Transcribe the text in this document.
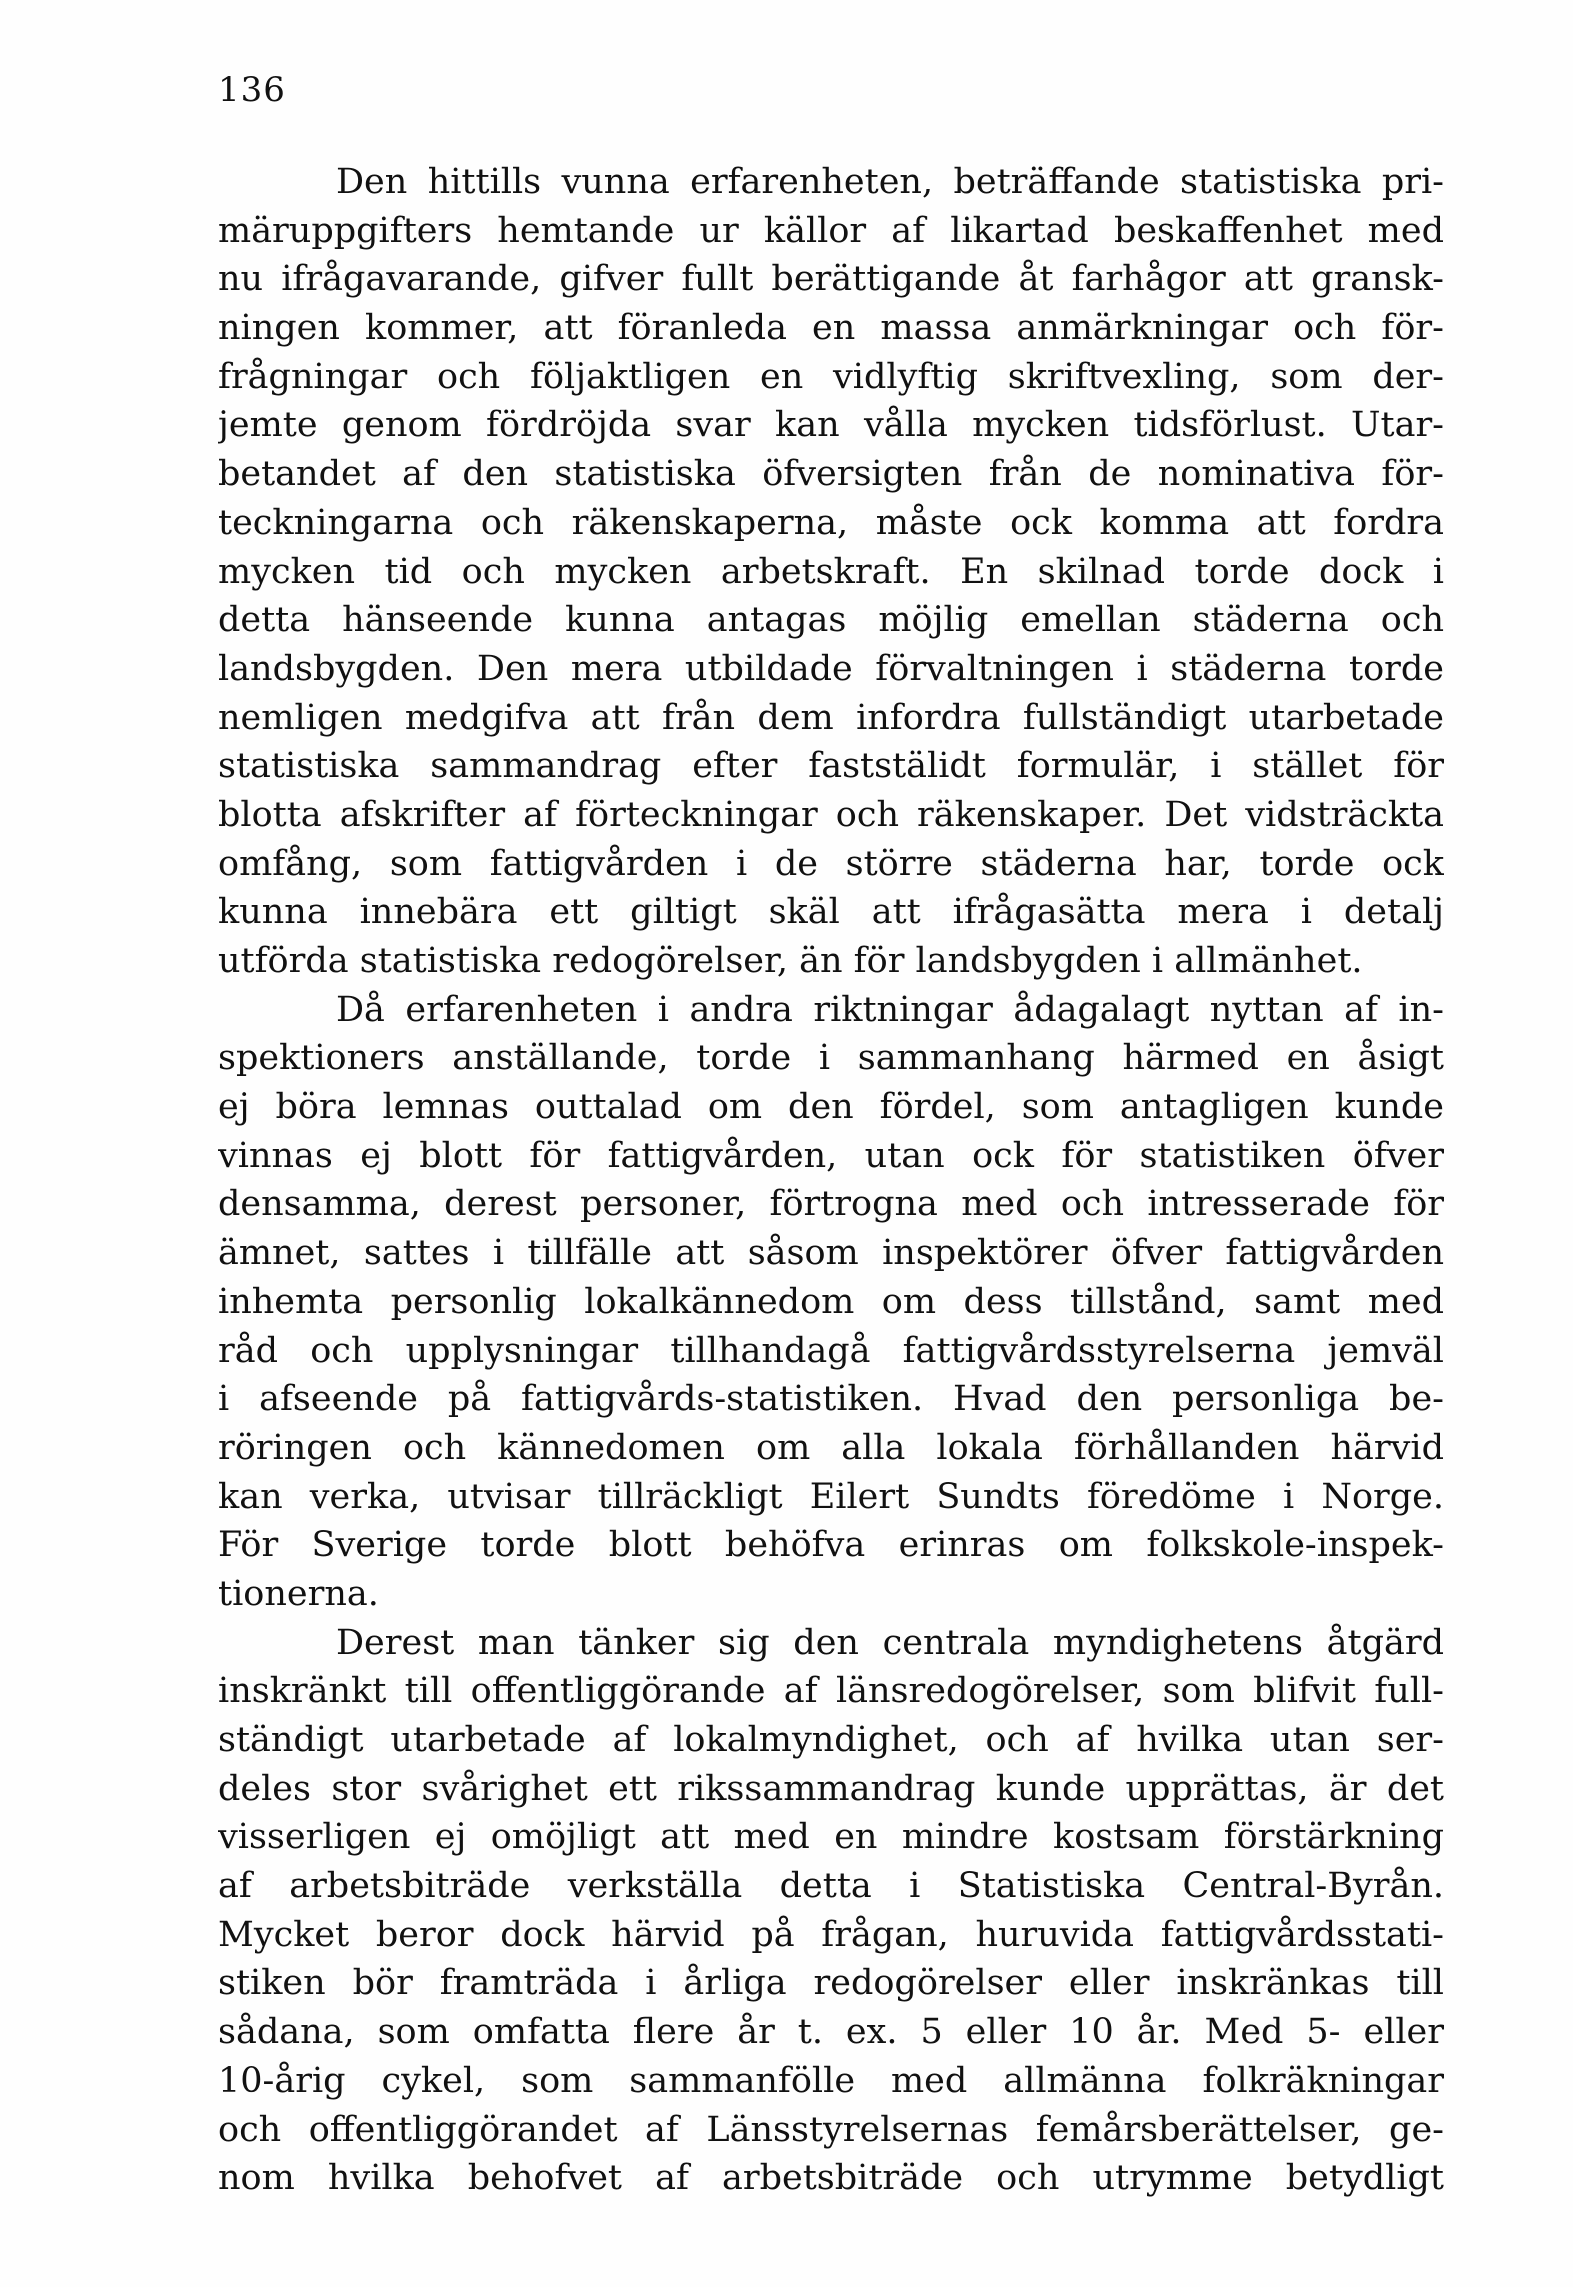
136
Den hittills vunna erfarenheten, beträffande statistiska pri-
märuppgifters hemtande ur källor af likartad beskaffenhet med
nu ifrågavarande, gifver fullt berättigande åt farhågor att gransk-
ningen kommer, att föranleda en massa anmärkningar och för-
frågningar och följaktligen en vidlyftig skriftvexling, som der-
jemte genom fördröjda svar kan vålla mycken tidsförlust. Utar-
betandet af den statistiska öfversigten från de nominativa för-
teckningarna och räkenskaperna, måste ock komma att fordra
mycken tid och mycken arbetskraft. En skilnad torde dock i
detta hänseende kunna antagas möjlig emellan städerna och
landsbygden. Den mera utbildade förvaltningen i städerna torde
nemligen medgifva att från dem infordra fullständigt utarbetade
statistiska sammandrag efter faststälidt formulär, i stället för
blotta afskrifter af förteckningar och räkenskaper. Det vidsträckta
omfång, som fattigvården i de större städerna har, torde ock
kunna innebära ett giltigt skäl att ifrågasätta mera i detalj
utförda statistiska redogörelser, än för landsbygden i allmänhet.
Då erfarenheten i andra riktningar ådagalagt nyttan af in-
spektioners anställande, torde i sammanhang härmed en åsigt
ej böra lemnas outtalad om den fördel, som antagligen kunde
vinnas ej blott för fattigvården, utan ock för statistiken öfver
densamma, derest personer, förtrogna med och intresserade för
ämnet, sattes i tillfälle att såsom inspektörer öfver fattigvården
inhemta personlig lokalkännedom om dess tillstånd, samt med
råd och upplysningar tillhandagå fattigvårdsstyrelserna jemväl
i afseende på fattigvårds-statistiken. Hvad den personliga be-
röringen och kännedomen om alla lokala förhållanden härvid
kan verka, utvisar tillräckligt Eilert Sundts föredöme i Norge.
För Sverige torde blott behöfva erinras om folkskole-inspek-
tionerna.
Derest man tänker sig den centrala myndighetens åtgärd
inskränkt till offentliggörande af länsredogörelser, som blifvit full-
ständigt utarbetade af lokalmyndighet, och af hvilka utan ser-
deles stor svårighet ett rikssammandrag kunde upprättas, är det
visserligen ej omöjligt att med en mindre kostsam förstärkning
af arbetsbiträde verkställa detta i Statistiska Central-Byrån.
Mycket beror dock härvid på frågan, huruvida fattigvårdsstati-
stiken bör framträda i årliga redogörelser eller inskränkas till
sådana, som omfatta flere år t. ex. 5 eller 10 år. Med 5- eller
10-årig cykel, som sammanfölle med allmänna folkräkningar
och offentliggörandet af Länsstyrelsernas femårsberättelser, ge-
nom hvilka behofvet af arbetsbiträde och utrymme betydligt
